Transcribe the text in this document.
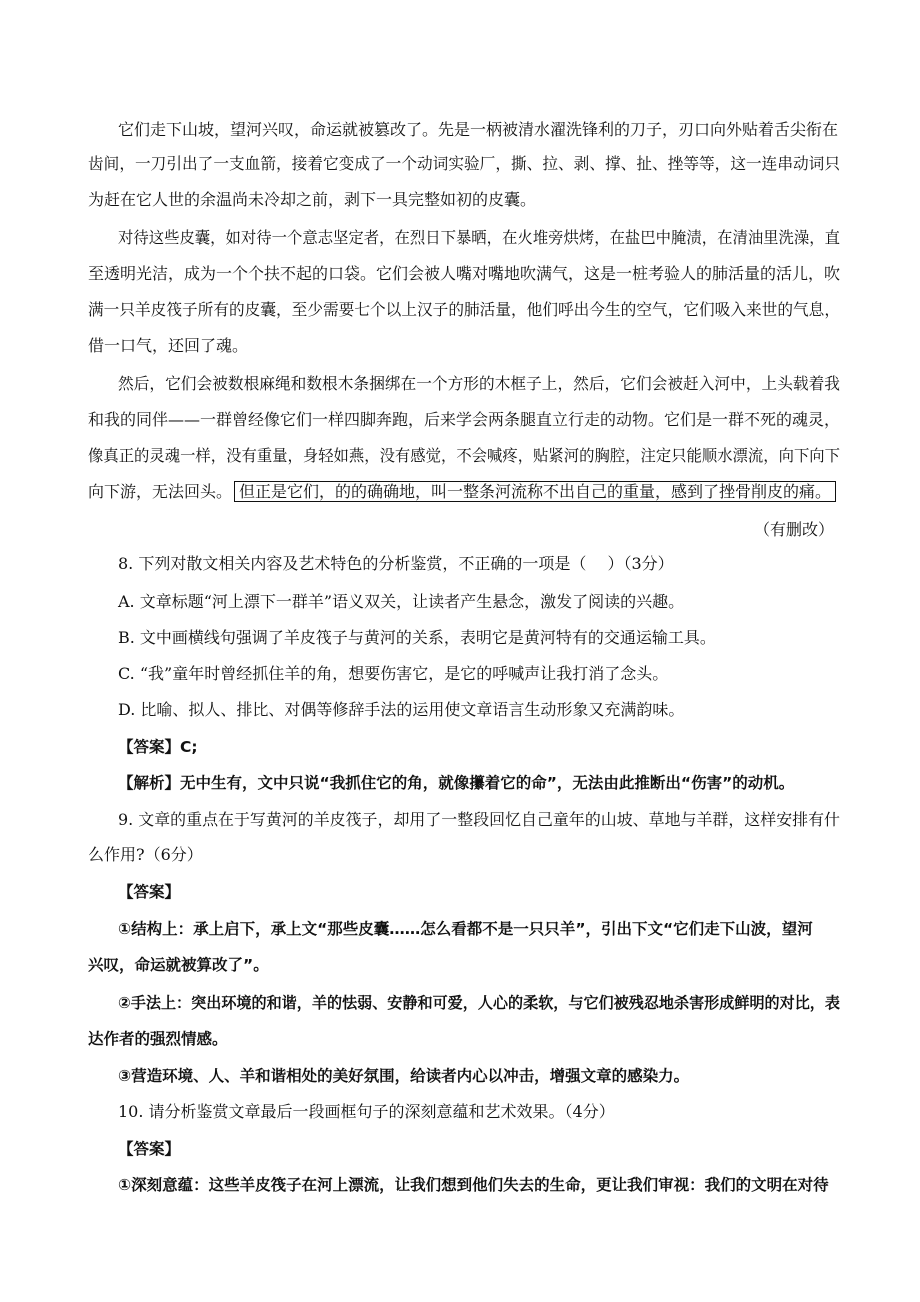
它们走下山坡，望河兴叹，命运就被篡改了。先是一柄被清水濯洗锋利的刀子，刃口向外贴着舌尖衔在
齿间，一刀引出了一支血箭，接着它变成了一个动词实验厂，撕、拉、剥、撑、扯、挫等等，这一连串动词只
为赶在它人世的余温尚未冷却之前，剥下一具完整如初的皮囊。
对待这些皮囊，如对待一个意志坚定者，在烈日下暴晒，在火堆旁烘烤，在盐巴中腌渍，在清油里洗澡，直
至透明光洁，成为一个个扶不起的口袋。它们会被人嘴对嘴地吹满气，这是一桩考验人的肺活量的活儿，吹
满一只羊皮筏子所有的皮囊，至少需要七个以上汉子的肺活量，他们呼出今生的空气，它们吸入来世的气息，
借一口气，还回了魂。
然后，它们会被数根麻绳和数根木条捆绑在一个方形的木框子上，然后，它们会被赶入河中，上头载着我
和我的同伴——一群曾经像它们一样四脚奔跑，后来学会两条腿直立行走的动物。它们是一群不死的魂灵，
像真正的灵魂一样，没有重量，身轻如燕，没有感觉，不会喊疼，贴紧河的胸腔，注定只能顺水漂流，向下向下
向下游，无法回头。 但正是它们，的的确确地，叫一整条河流称不出自己的重量，感到了挫骨削皮的痛。
（有删改）
8. 下列对散文相关内容及艺术特色的分析鉴赏，不正确的一项是（　 ）（3分）
A. 文章标题“河上漂下一群羊”语义双关，让读者产生悬念，激发了阅读的兴趣。
B. 文中画横线句强调了羊皮筏子与黄河的关系，表明它是黄河特有的交通运输工具。
C. “我”童年时曾经抓住羊的角，想要伤害它，是它的呼喊声让我打消了念头。
D. 比喻、拟人、排比、对偶等修辞手法的运用使文章语言生动形象又充满韵味。
【答案】C;
【解析】无中生有，文中只说“我抓住它的角，就像攥着它的命”，无法由此推断出“伤害”的动机。
9. 文章的重点在于写黄河的羊皮筏子，却用了一整段回忆自己童年的山坡、草地与羊群，这样安排有什
么作用?（6分）
【答案】
①结构上：承上启下，承上文“那些皮囊……怎么看都不是一只只羊”，引出下文“它们走下山波，望河
兴叹，命运就被算改了”。
②手法上：突出环境的和谐，羊的怯弱、安静和可爱，人心的柔软，与它们被残忍地杀害形成鲜明的对比，表
达作者的强烈情感。
③营造环境、人、羊和谐相处的美好氛围，给读者内心以冲击，增强文章的感染力。
10. 请分析鉴赏文章最后一段画框句子的深刻意蕴和艺术效果。（4分）
【答案】
①深刻意蕴：这些羊皮筏子在河上漂流，让我们想到他们失去的生命，更让我们审视：我们的文明在对待
